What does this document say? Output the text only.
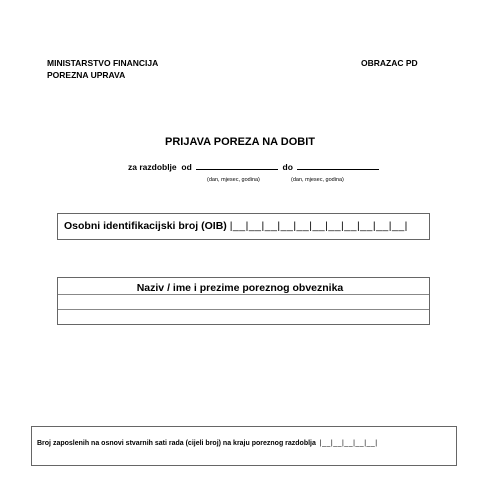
MINISTARSTVO FINANCIJA
POREZNA UPRAVA
OBRAZAC PD
PRIJAVA POREZA NA DOBIT
za razdoblje od	do
(dan, mjesec, godina)	(dan, mjesec, godina)
Osobni identifikacijski broj (OIB) |__|__|__|__|__|__|__|__|__|__|__|
Naziv / ime i prezime poreznog obveznika
Broj zaposlenih na osnovi stvarnih sati rada (cijeli broj) na kraju poreznog razdoblja |__|__|__|__|__|
